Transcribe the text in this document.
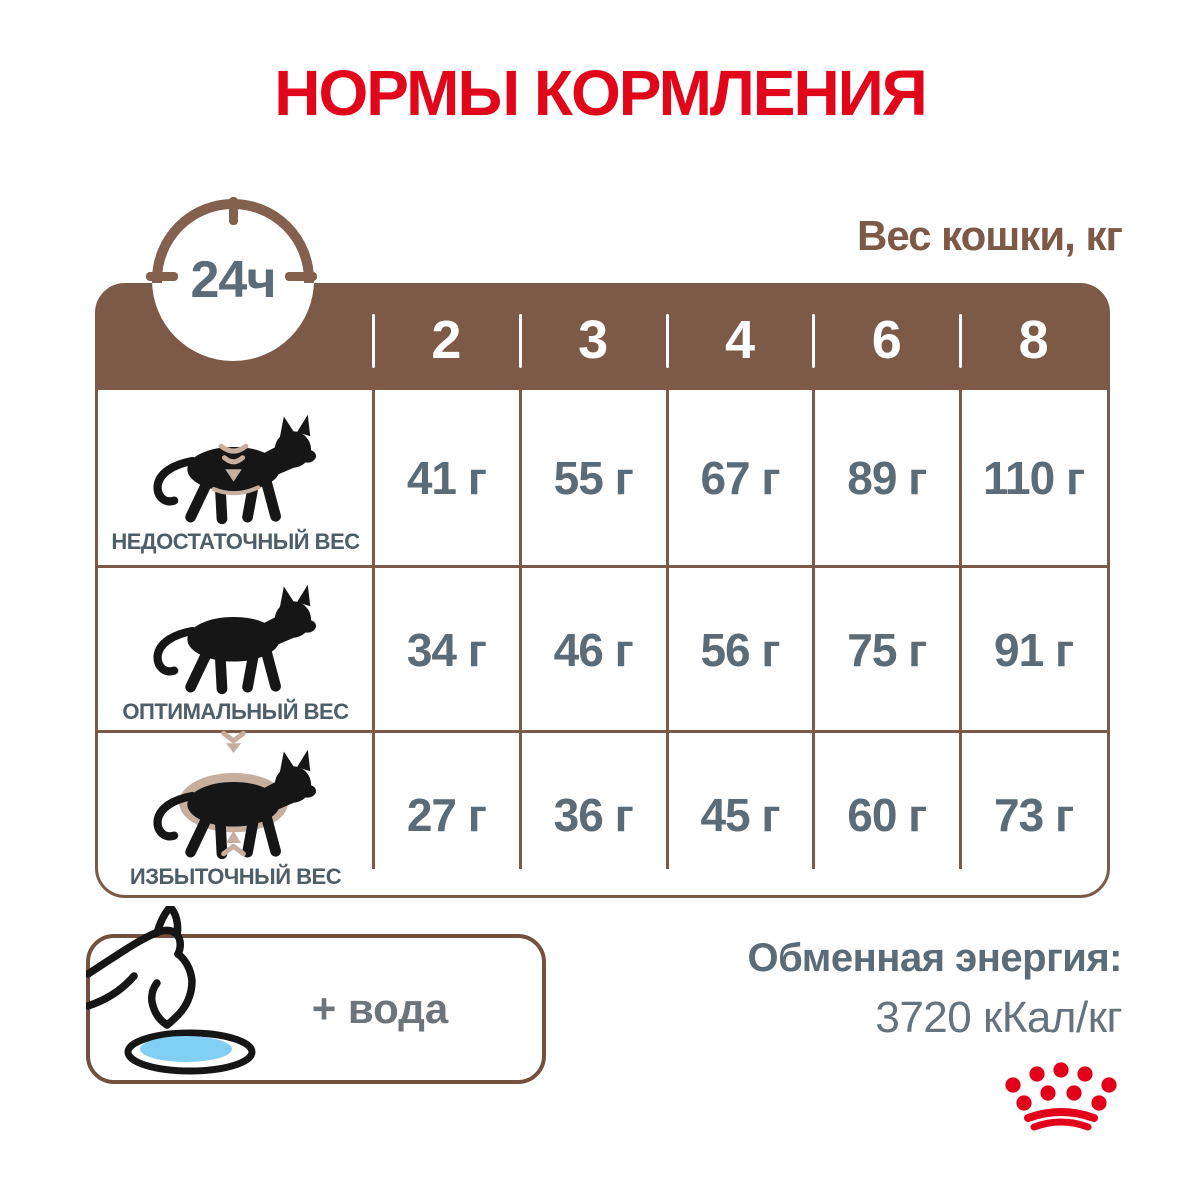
НОРМЫ КОРМЛЕНИЯ
Вес кошки, кг
2	3	4	6	8
НЕДОСТАТОЧНЫЙ ВЕС
41 г	55 г	67 г	89 г	110 г
ОПТИМАЛЬНЫЙ ВЕС
34 г	46 г	56 г	75 г	91 г
ИЗБЫТОЧНЫЙ ВЕС
27 г	36 г	45 г	60 г	73 г
24ч
+ вода
Обменная энергия:
3720 кКал/кг
